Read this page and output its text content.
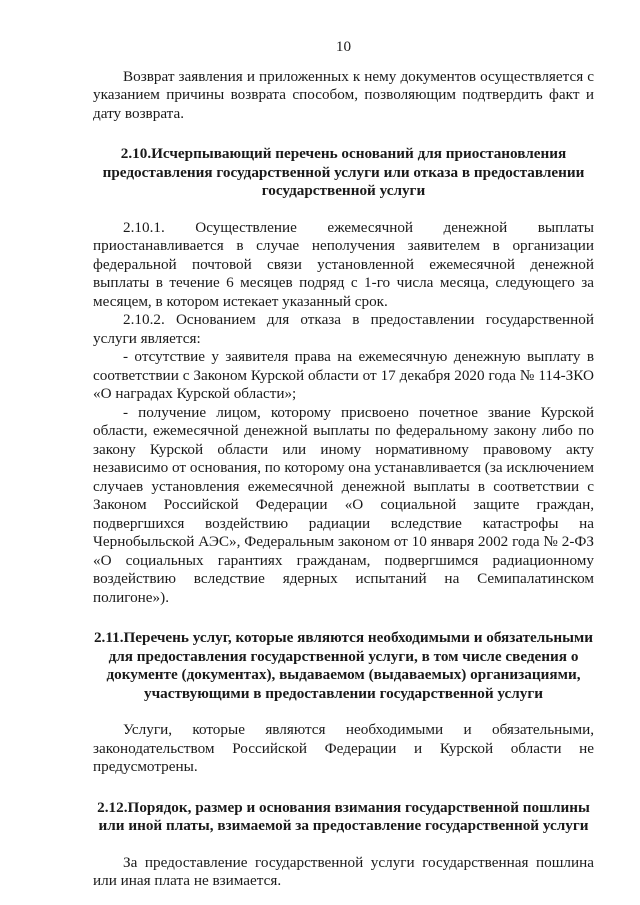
10

Возврат заявления и приложенных к нему документов осуществляется с указанием причины возврата способом, позволяющим подтвердить факт и дату возврата.

2.10.Исчерпывающий перечень оснований для приостановления предоставления государственной услуги или отказа в предоставлении государственной услуги

2.10.1. Осуществление ежемесячной денежной выплаты приостанавливается в случае неполучения заявителем в организации федеральной почтовой связи установленной ежемесячной денежной выплаты в течение 6 месяцев подряд с 1-го числа месяца, следующего за месяцем, в котором истекает указанный срок.

2.10.2. Основанием для отказа в предоставлении государственной услуги является:

- отсутствие у заявителя права на ежемесячную денежную выплату в соответствии с Законом Курской области от 17 декабря 2020 года № 114-ЗКО «О наградах Курской области»;

- получение лицом, которому присвоено почетное звание Курской области, ежемесячной денежной выплаты по федеральному закону либо по закону Курской области или иному нормативному правовому акту независимо от основания, по которому она устанавливается (за исключением случаев установления ежемесячной денежной выплаты в соответствии с Законом Российской Федерации «О социальной защите граждан, подвергшихся воздействию радиации вследствие катастрофы на Чернобыльской АЭС», Федеральным законом от 10 января 2002 года № 2-ФЗ «О социальных гарантиях гражданам, подвергшимся радиационному воздействию вследствие ядерных испытаний на Семипалатинском полигоне»).

2.11.Перечень услуг, которые являются необходимыми и обязательными для предоставления государственной услуги, в том числе сведения о документе (документах), выдаваемом (выдаваемых) организациями, участвующими в предоставлении государственной услуги

Услуги, которые являются необходимыми и обязательными, законодательством Российской Федерации и Курской области не предусмотрены.

2.12.Порядок, размер и основания взимания государственной пошлины или иной платы, взимаемой за предоставление государственной услуги

За предоставление государственной услуги государственная пошлина или иная плата не взимается.
